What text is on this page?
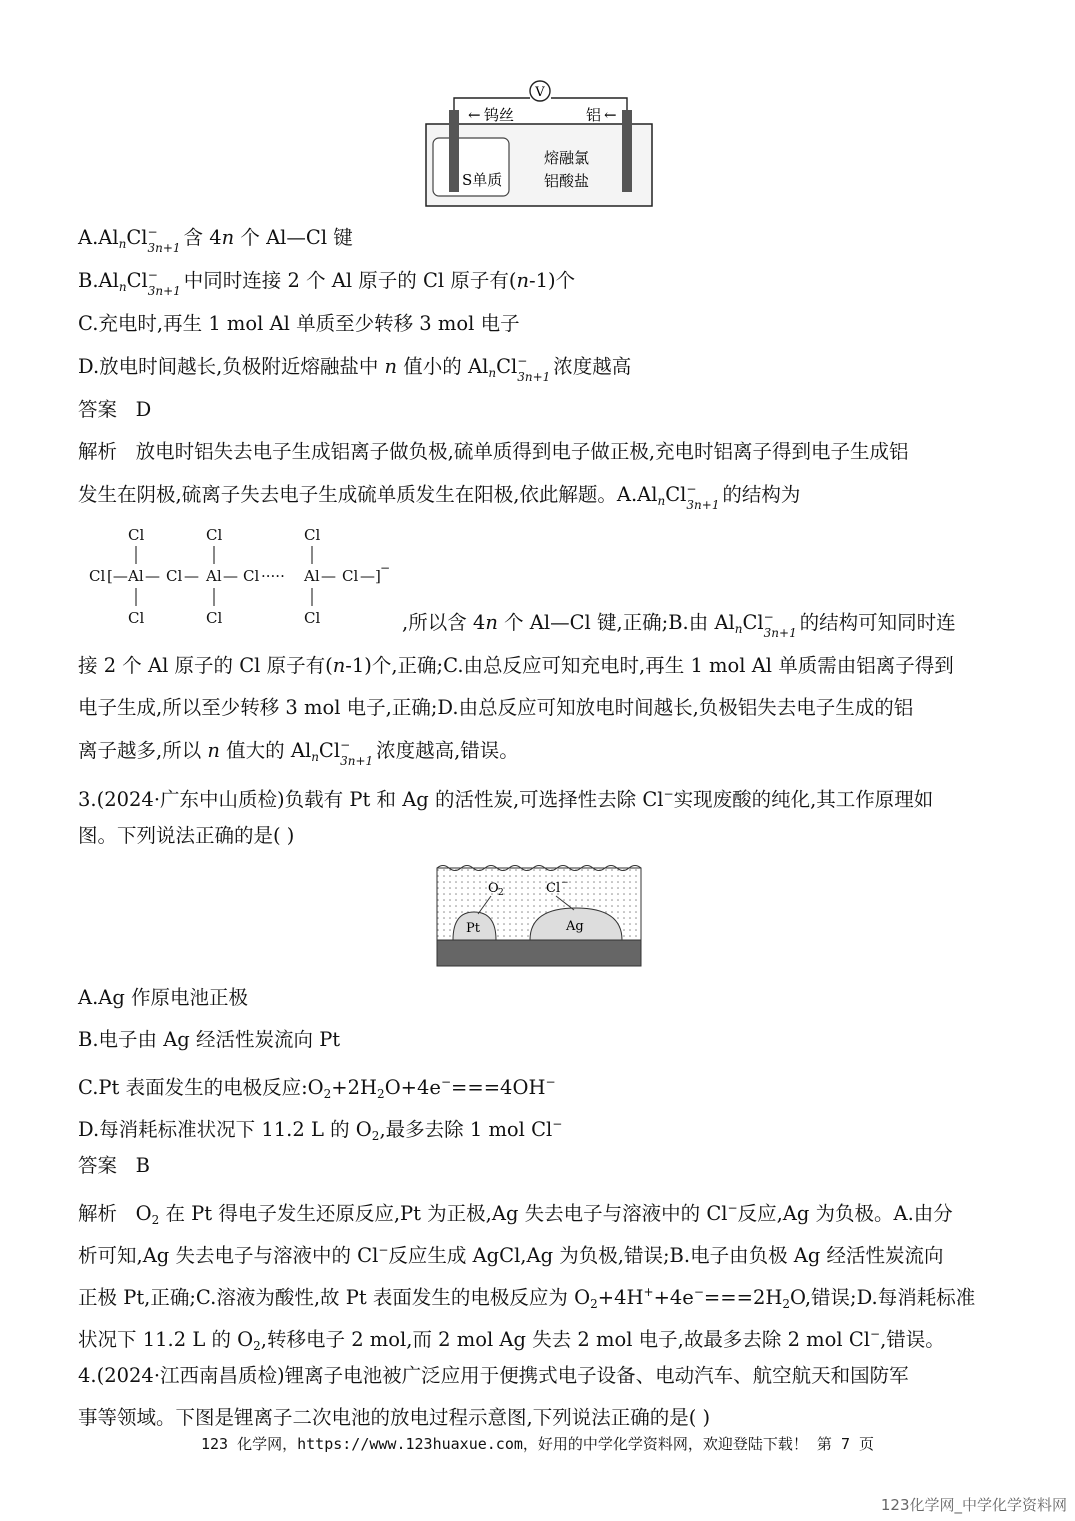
V
钨丝
←	铝 ←
S单质
熔融氯
铝酸盐
$A.Al_nCl$ −
3n+1 含 4n 个 Al—Cl 键
$B.Al_nCl$ −
3n+1 中同时连接 2 个 Al 原子的 Cl 原子有(n-1)个
C.充电时,再生 1 mol Al 单质至少转移 3 mol 电子
D.放电时间越长,负极附近熔融盐中 n 值小的 $Al_nCl$ −
3n+1 浓度越高
答案 D
解析 放电时铝失去电子生成铝离子做负极,硫单质得到电子做正极,充电时铝离子得到电子生成铝
发生在阴极,硫离子失去电子生成硫单质发生在阳极,依此解题。$A.Al_nCl$ −
3n+1 的结构为
Cl	Cl	Cl
Cl [— Al — Cl — Al — Cl ····· Al — Cl —] −
Cl	Cl	Cl	,所以含 4n 个 Al—Cl 键,正确;B.由 $Al_nCl$ −
3n+1 的结构可知同时连
接 2 个 Al 原子的 Cl 原子有(n-1)个,正确;C.由总反应可知充电时,再生 1 mol Al 单质需由铝离子得到
电子生成,所以至少转移 3 mol 电子,正确;D.由总反应可知放电时间越长,负极铝失去电子生成的铝
离子越多,所以 n 值大的 $Al_nCl$ −
3n+1 浓度越高,错误。
3.(2024·广东中山质检)负载有 Pt 和 Ag 的活性炭,可选择性去除 Cl−实现废酸的纯化,其工作原理如
图。下列说法正确的是( )
Pt	Ag
O 2	Cl −
A.Ag 作原电池正极
B.电子由 Ag 经活性炭流向 Pt
C.Pt 表面发生的电极反应$:O_2+2H_2O+4e^-===4OH^-$
D.每消耗标准状况下 11.2 L 的 $O_2$,最多去除 1 mol Cl−
答案 B
解析 $O_2$ 在 Pt 得电子发生还原反应,Pt 为正极,Ag 失去电子与溶液中的 Cl−反应,Ag 为负极。A.由分
析可知,Ag 失去电子与溶液中的 Cl−反应生成 AgCl,Ag 为负极,错误;B.电子由负极 Ag 经活性炭流向
正极 Pt,正确;C.溶液为酸性,故 Pt 表面发生的电极反应为 $O_2+4H^++4e^-===2H_2O$,错误;D.每消耗标准
状况下 11.2 L 的 $O_2$,转移电子 2 mol,而 2 mol Ag 失去 2 mol 电子,故最多去除 2 mol Cl−,错误。
4.(2024·江西南昌质检)锂离子电池被广泛应用于便携式电子设备、电动汽车、航空航天和国防军
事等领域。下图是锂离子二次电池的放电过程示意图,下列说法正确的是( )
123 化学网，https://www.123huaxue.com，好用的中学化学资料网，欢迎登陆下载！ 第 7 页
123化学网_中学化学资料网
